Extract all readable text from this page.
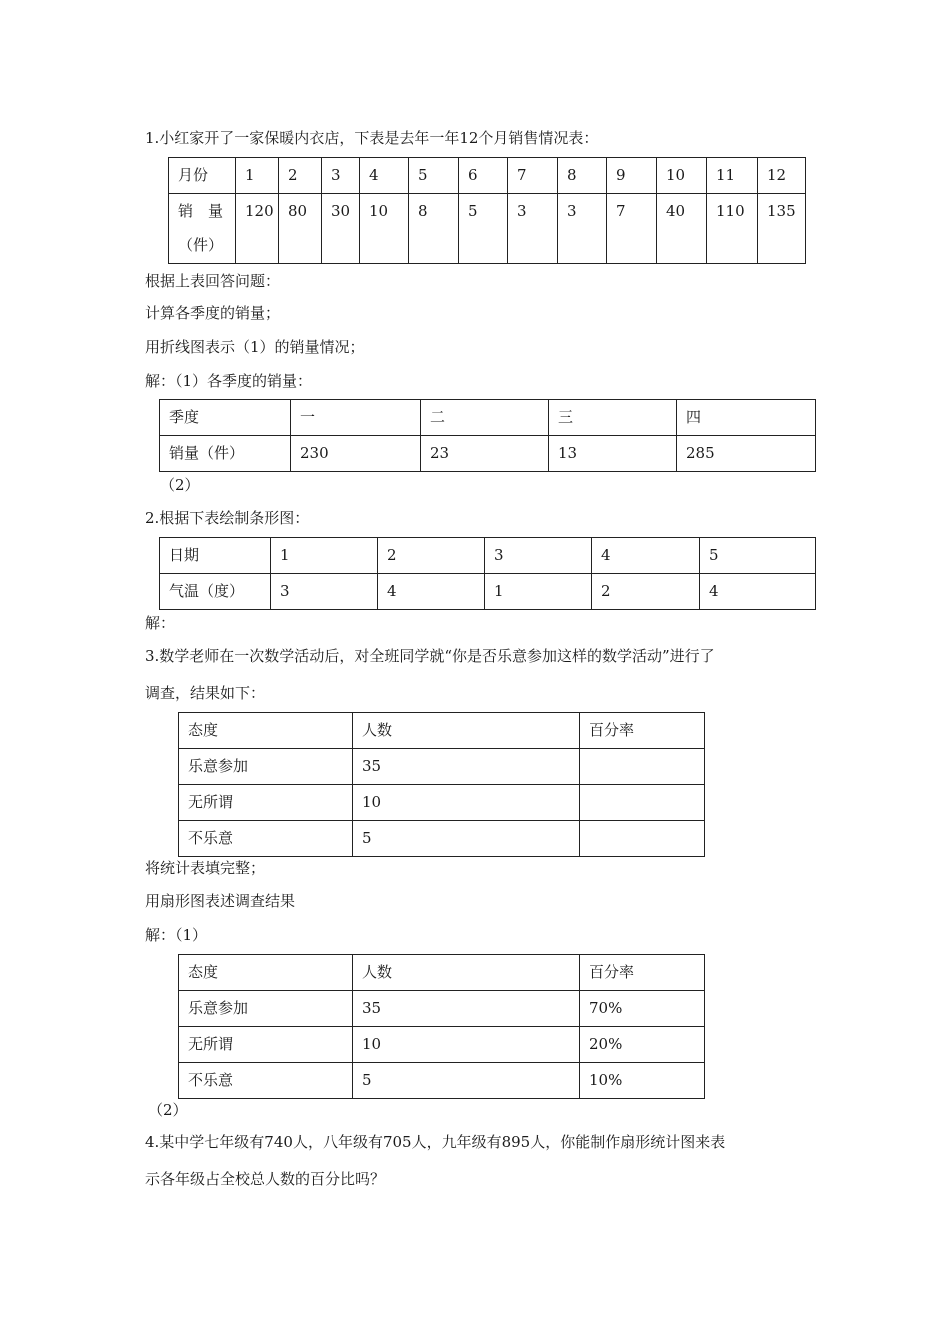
1.小红家开了一家保暖内衣店，下表是去年一年12个月销售情况表：
月份	1	2	3	4	5	6	7	8	9	10	11	12

销　量
（件）	120	80	30	10	8	5	3	3	7	40	110	135
根据上表回答问题：
计算各季度的销量；
用折线图表示（1）的销量情况；
解：（1）各季度的销量：
季度	一	二	三	四
销量（件）	230	23	13	285
（2）
2.根据下表绘制条形图：
日期	1	2	3	4	5
气温（度）	3	4	1	2	4
解：
3.数学老师在一次数学活动后，对全班同学就“你是否乐意参加这样的数学活动”进行了
调查，结果如下：
态度	人数	百分率
乐意参加	35	
无所谓	10	
不乐意	5	
将统计表填完整；
用扇形图表述调查结果
解：（1）
态度	人数	百分率
乐意参加	35	70%
无所谓	10	20%
不乐意	5	10%
（2）
4.某中学七年级有740人，八年级有705人，九年级有895人，你能制作扇形统计图来表
示各年级占全校总人数的百分比吗？
